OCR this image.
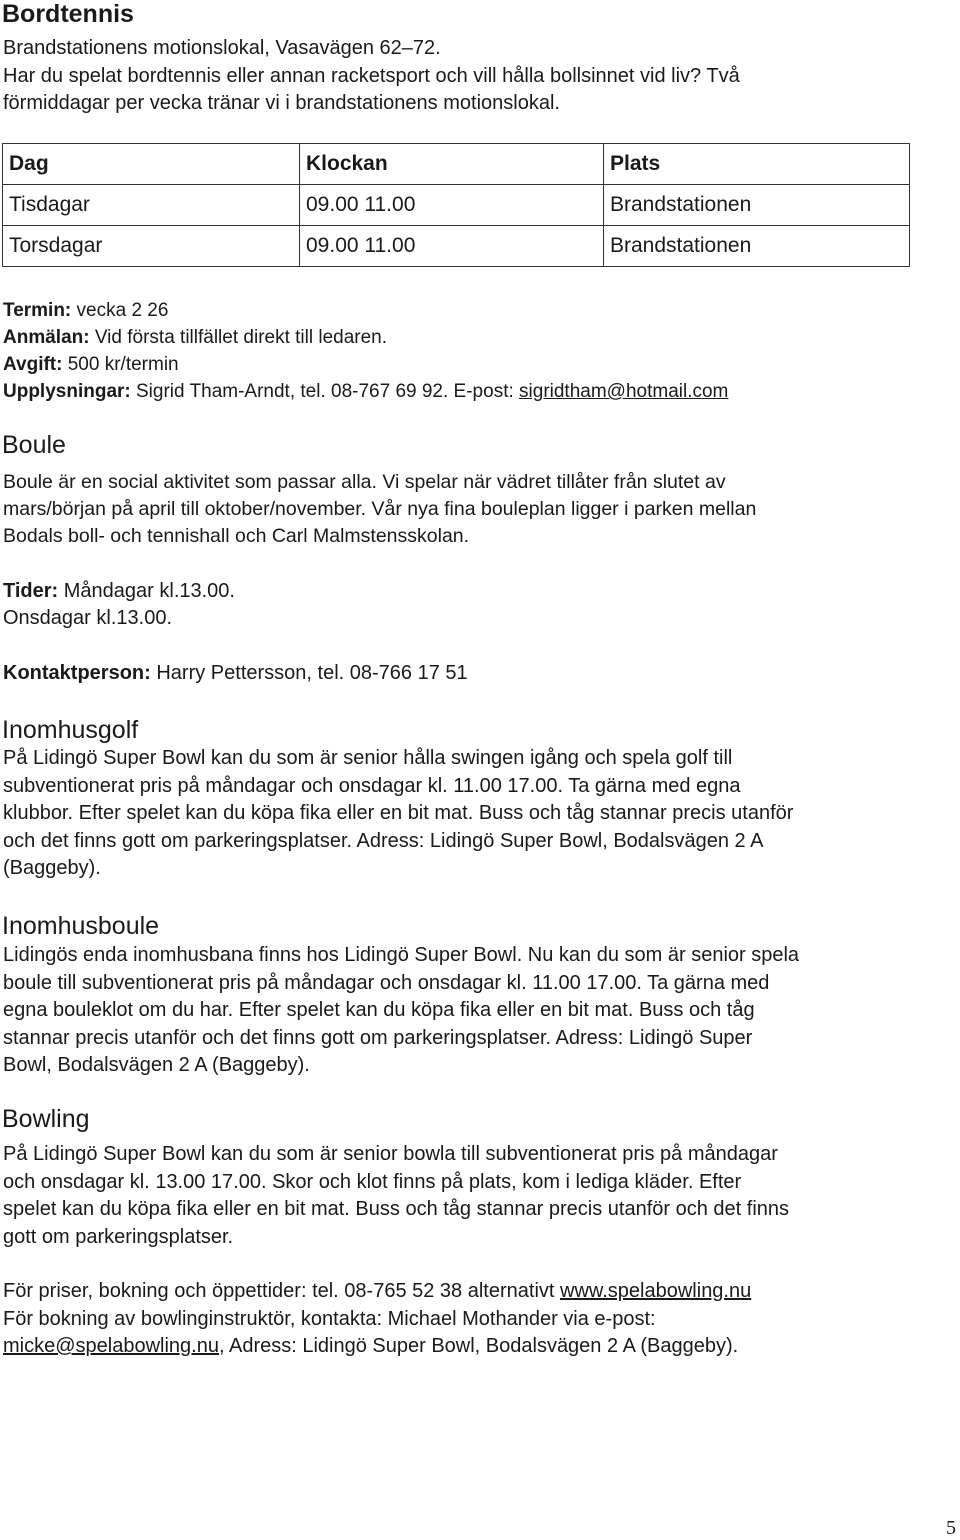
Bordtennis
Brandstationens motionslokal, Vasavägen 62–72.
Har du spelat bordtennis eller annan racketsport och vill hålla bollsinnet vid liv? Två
förmiddagar per vecka tränar vi i brandstationens motionslokal.
Dag	Klockan	Plats
Tisdagar	09.00 11.00	Brandstationen
Torsdagar	09.00 11.00	Brandstationen
Termin: vecka 2 26
Anmälan: Vid första tillfället direkt till ledaren.
Avgift: 500 kr/termin
Upplysningar: Sigrid Tham-Arndt, tel. 08-767 69 92. E-post: sigridtham@hotmail.com
Boule
Boule är en social aktivitet som passar alla. Vi spelar när vädret tillåter från slutet av
mars/början på april till oktober/november. Vår nya fina bouleplan ligger i parken mellan
Bodals boll- och tennishall och Carl Malmstensskolan.
Tider: Måndagar kl.13.00.
Onsdagar kl.13.00.
Kontaktperson: Harry Pettersson, tel. 08-766 17 51
Inomhusgolf
På Lidingö Super Bowl kan du som är senior hålla swingen igång och spela golf till
subventionerat pris på måndagar och onsdagar kl. 11.00 17.00. Ta gärna med egna
klubbor. Efter spelet kan du köpa fika eller en bit mat. Buss och tåg stannar precis utanför
och det finns gott om parkeringsplatser. Adress: Lidingö Super Bowl, Bodalsvägen 2 A
(Baggeby).
Inomhusboule
Lidingös enda inomhusbana finns hos Lidingö Super Bowl. Nu kan du som är senior spela
boule till subventionerat pris på måndagar och onsdagar kl. 11.00 17.00. Ta gärna med
egna bouleklot om du har. Efter spelet kan du köpa fika eller en bit mat. Buss och tåg
stannar precis utanför och det finns gott om parkeringsplatser. Adress: Lidingö Super
Bowl, Bodalsvägen 2 A (Baggeby).
Bowling
På Lidingö Super Bowl kan du som är senior bowla till subventionerat pris på måndagar
och onsdagar kl. 13.00 17.00. Skor och klot finns på plats, kom i lediga kläder. Efter
spelet kan du köpa fika eller en bit mat. Buss och tåg stannar precis utanför och det finns
gott om parkeringsplatser.
För priser, bokning och öppettider: tel. 08-765 52 38 alternativt www.spelabowling.nu
För bokning av bowlinginstruktör, kontakta: Michael Mothander via e-post:
micke@spelabowling.nu, Adress: Lidingö Super Bowl, Bodalsvägen 2 A (Baggeby).
5
